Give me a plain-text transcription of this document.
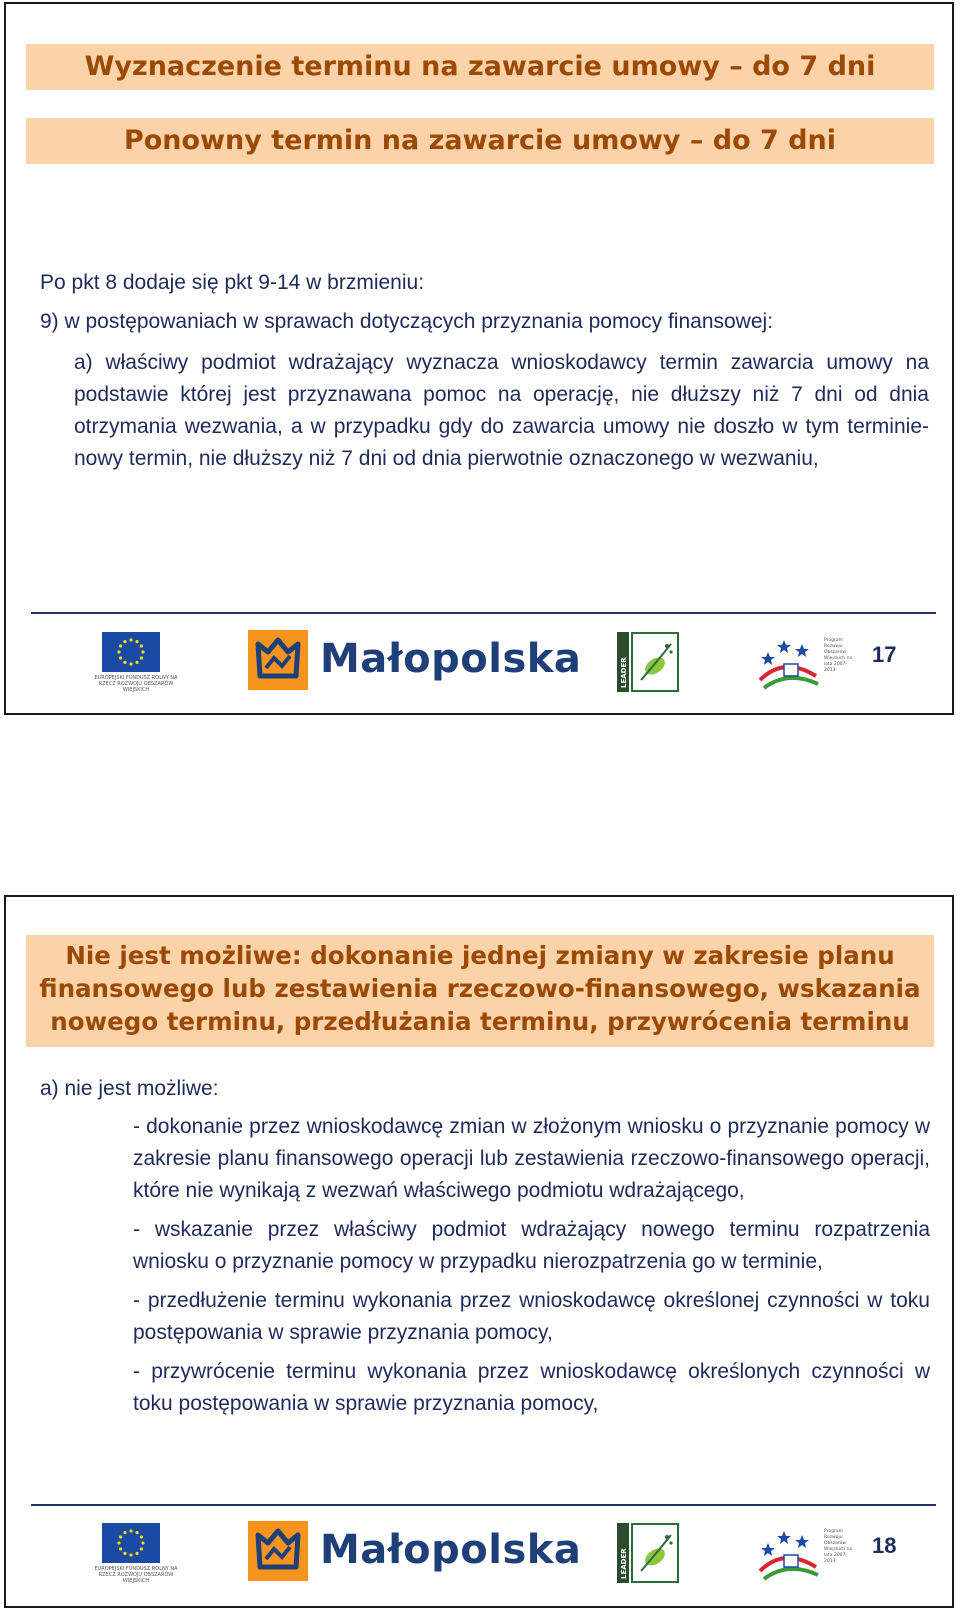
Wyznaczenie terminu na zawarcie umowy – do 7 dni
Ponowny termin na zawarcie umowy – do 7 dni
Po pkt 8 dodaje się pkt 9-14 w brzmieniu:
9) w postępowaniach w sprawach dotyczących przyznania pomocy finansowej:
a) właściwy podmiot wdrażający wyznacza wnioskodawcy termin zawarcia umowy na podstawie której jest przyznawana pomoc na operację, nie dłuższy niż 7 dni od dnia otrzymania wezwania, a w przypadku gdy do zawarcia umowy nie doszło w tym terminie- nowy termin, nie dłuższy niż 7 dni od dnia pierwotnie oznaczonego w wezwaniu,
EUROPEJSKI FUNDUSZ ROLNY NA RZECZ ROZWOJU OBSZARÓW WIEJSKICH
Małopolska	LEADER
Program Rozwoju Obszarów Wiejskich na lata 2007-2013
17
Nie jest możliwe: dokonanie jednej zmiany w zakresie planu finansowego lub zestawienia rzeczowo-finansowego, wskazania nowego terminu, przedłużania terminu, przywrócenia terminu
a) nie jest możliwe:
- dokonanie przez wnioskodawcę zmian w złożonym wniosku o przyznanie pomocy w zakresie planu finansowego operacji lub zestawienia rzeczowo-finansowego operacji, które nie wynikają z wezwań właściwego podmiotu wdrażającego,
- wskazanie przez właściwy podmiot wdrażający nowego terminu rozpatrzenia wniosku o przyznanie pomocy w przypadku nierozpatrzenia go w terminie,
- przedłużenie terminu wykonania przez wnioskodawcę określonej czynności w toku postępowania w sprawie przyznania pomocy,
- przywrócenie terminu wykonania przez wnioskodawcę określonych czynności w toku postępowania w sprawie przyznania pomocy,
EUROPEJSKI FUNDUSZ ROLNY NA RZECZ ROZWOJU OBSZARÓW WIEJSKICH
Małopolska	LEADER
Program Rozwoju Obszarów Wiejskich na lata 2007-2013
18
